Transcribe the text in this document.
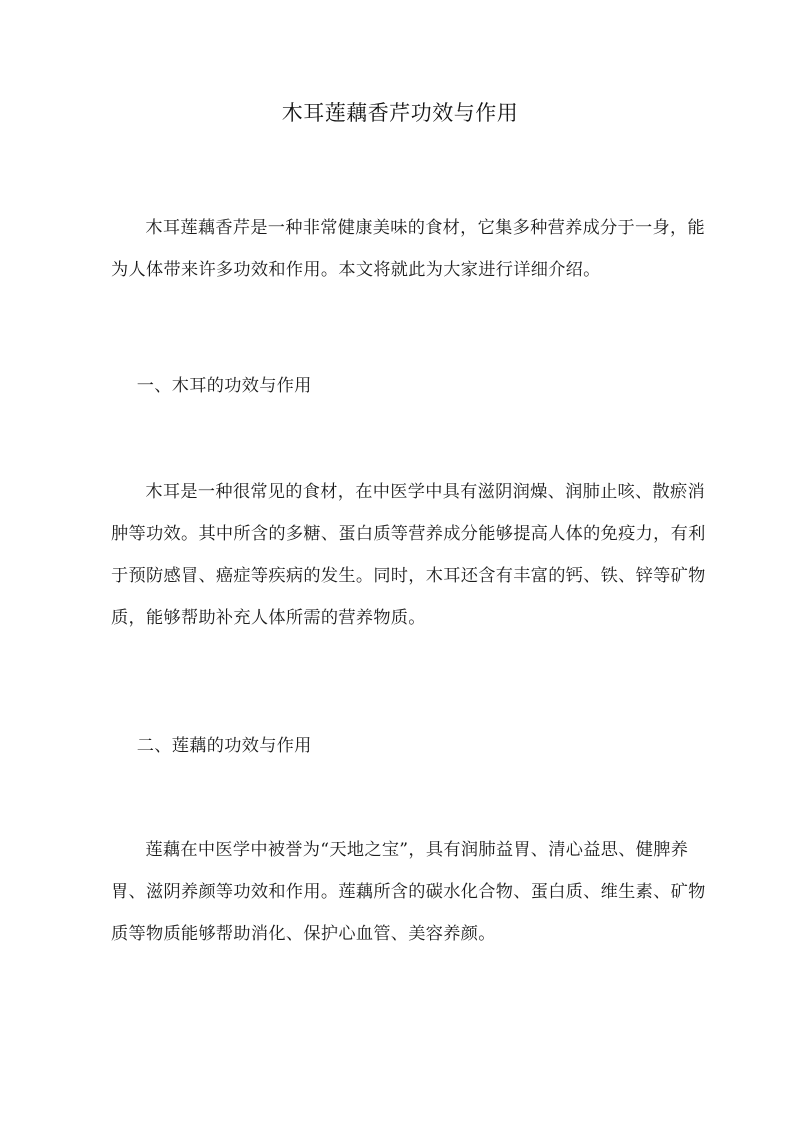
木耳莲藕香芹功效与作用

木耳莲藕香芹是一种非常健康美味的食材，它集多种营养成分于一身，能为人体带来许多功效和作用。本文将就此为大家进行详细介绍。

一、木耳的功效与作用

木耳是一种很常见的食材，在中医学中具有滋阴润燥、润肺止咳、散瘀消肿等功效。其中所含的多糖、蛋白质等营养成分能够提高人体的免疫力，有利于预防感冒、癌症等疾病的发生。同时，木耳还含有丰富的钙、铁、锌等矿物质，能够帮助补充人体所需的营养物质。

二、莲藕的功效与作用

莲藕在中医学中被誉为“天地之宝”，具有润肺益胃、清心益思、健脾养胃、滋阴养颜等功效和作用。莲藕所含的碳水化合物、蛋白质、维生素、矿物质等物质能够帮助消化、保护心血管、美容养颜。
